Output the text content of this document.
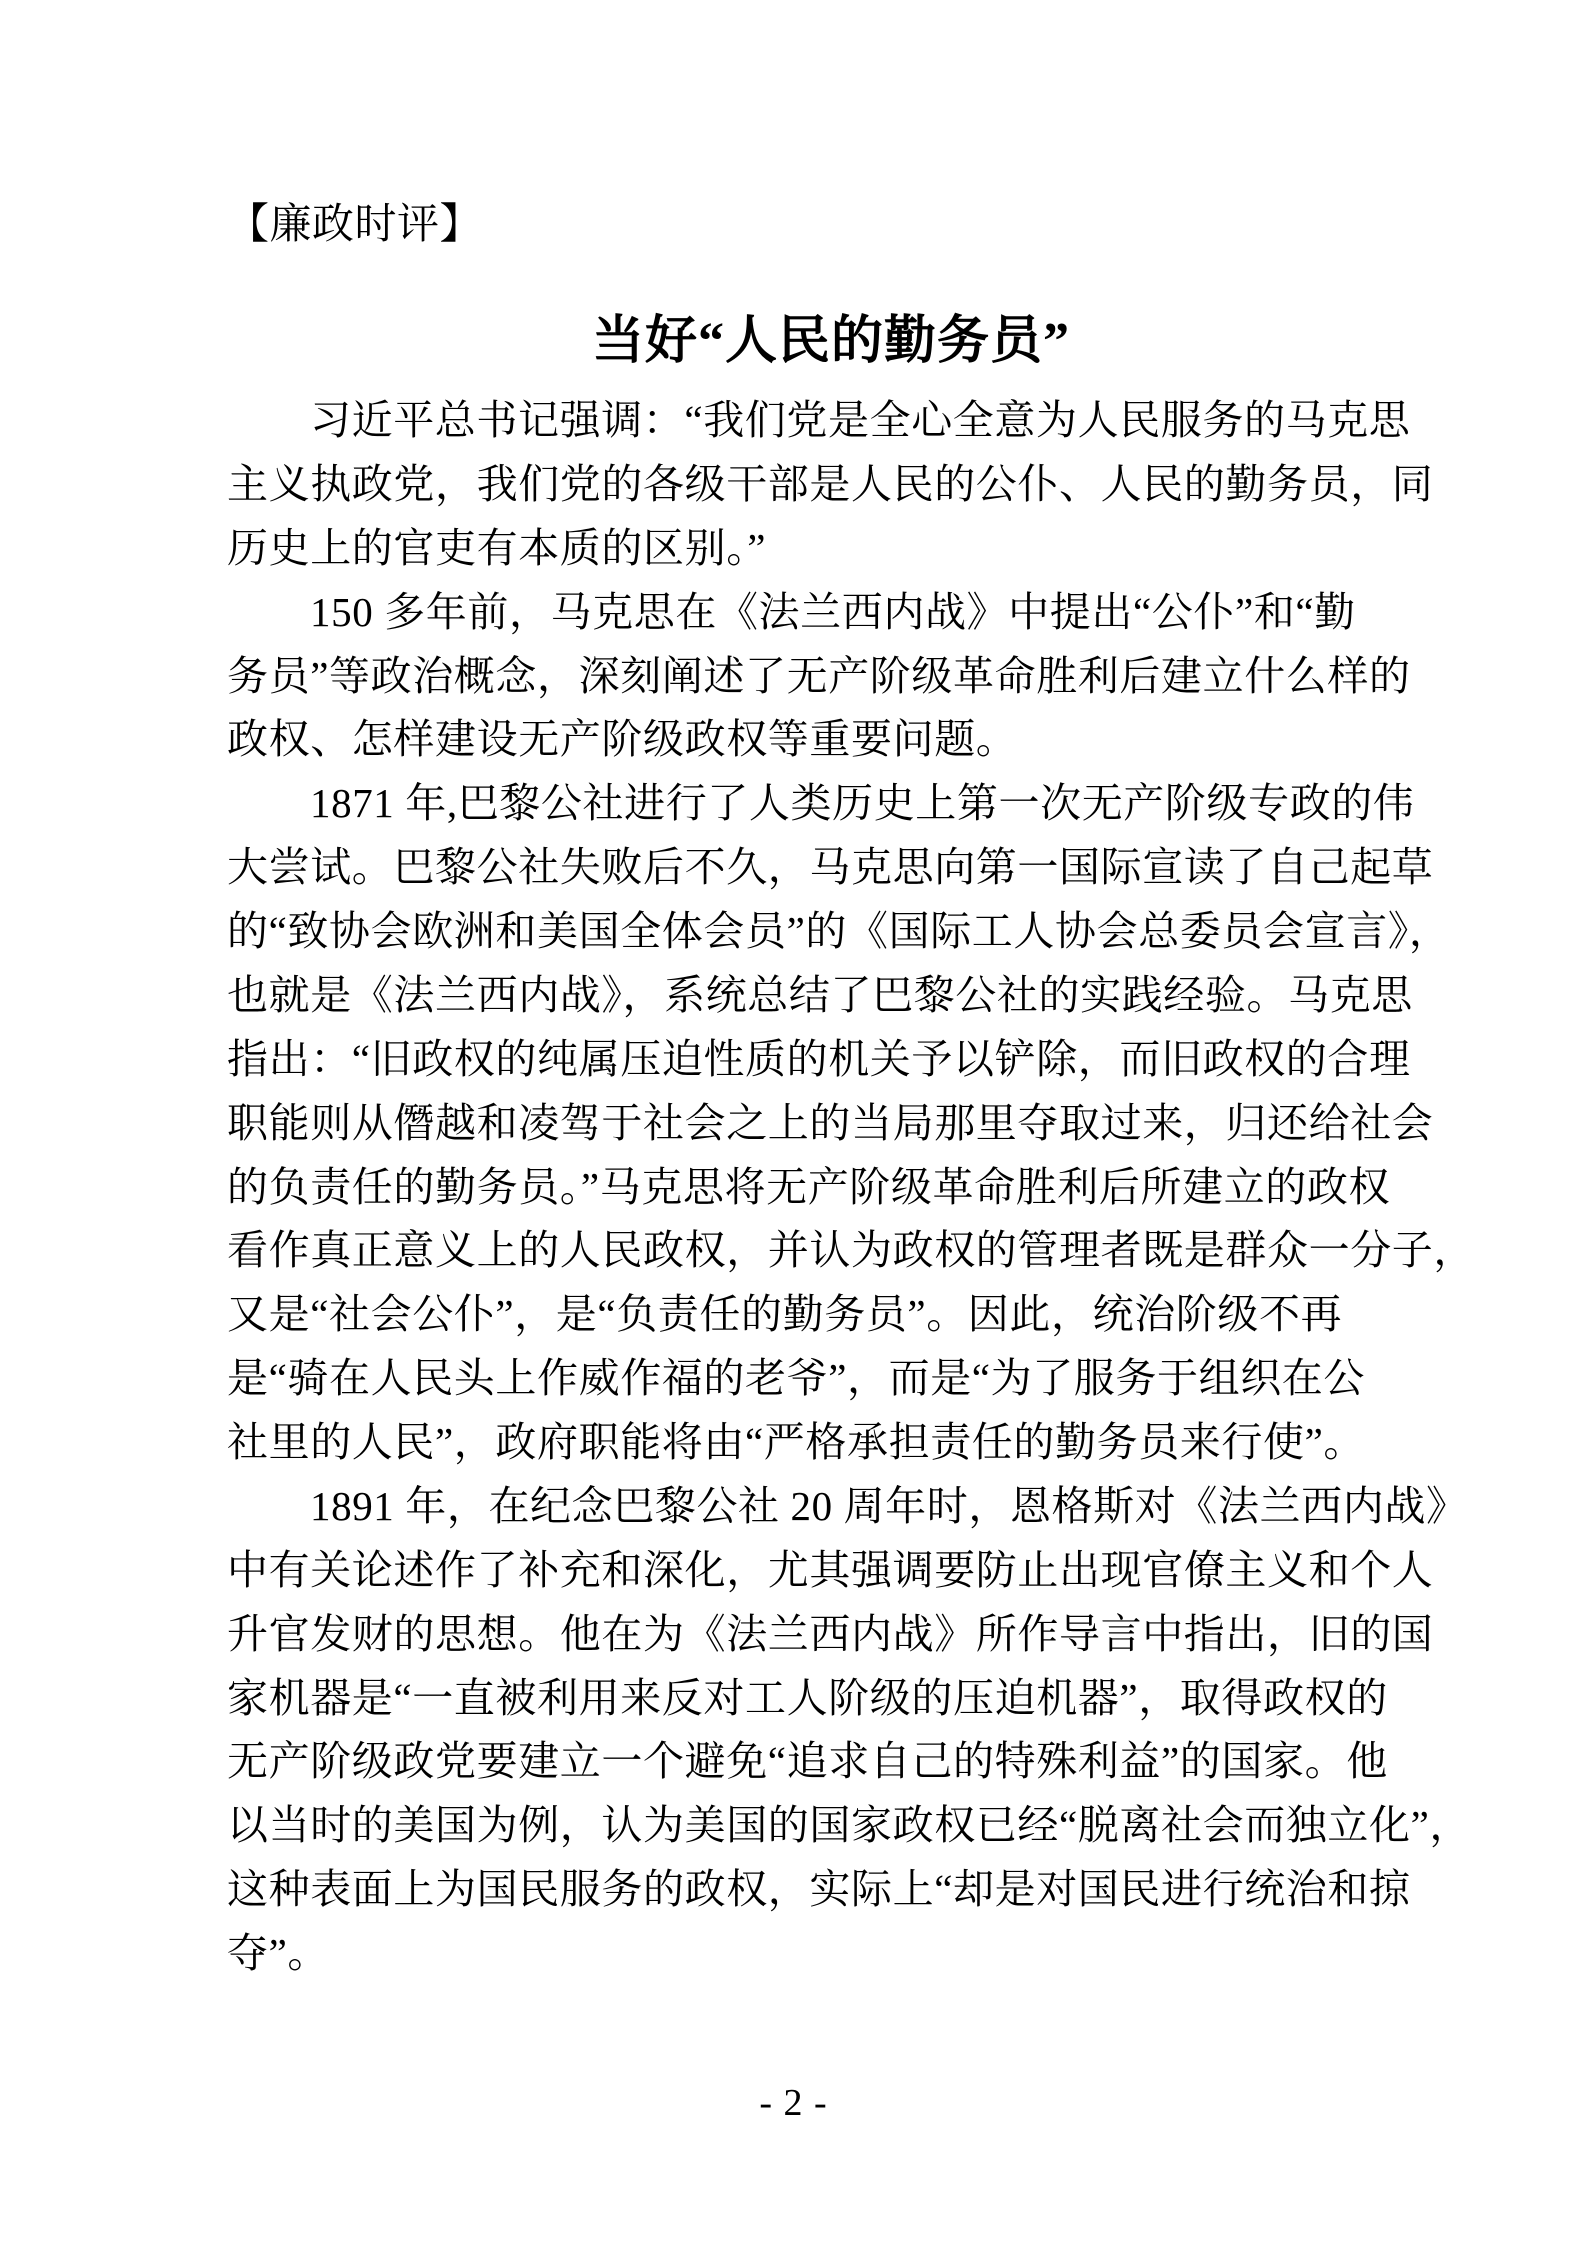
【廉政时评】
当好“人民的勤务员”
习近平总书记强调：“我们党是全心全意为人民服务的马克思
主义执政党，我们党的各级干部是人民的公仆、人民的勤务员，同
历史上的官吏有本质的区别。”
150 多年前，马克思在《法兰西内战》中提出“公仆”和“勤
务员”等政治概念，深刻阐述了无产阶级革命胜利后建立什么样的
政权、怎样建设无产阶级政权等重要问题。
1871 年,巴黎公社进行了人类历史上第一次无产阶级专政的伟
大尝试。巴黎公社失败后不久，马克思向第一国际宣读了自己起草
的“致协会欧洲和美国全体会员”的《国际工人协会总委员会宣言》，
也就是《法兰西内战》，系统总结了巴黎公社的实践经验。马克思
指出：“旧政权的纯属压迫性质的机关予以铲除，而旧政权的合理
职能则从僭越和凌驾于社会之上的当局那里夺取过来，归还给社会
的负责任的勤务员。”马克思将无产阶级革命胜利后所建立的政权
看作真正意义上的人民政权，并认为政权的管理者既是群众一分子，
又是“社会公仆”，是“负责任的勤务员”。因此，统治阶级不再
是“骑在人民头上作威作福的老爷”，而是“为了服务于组织在公
社里的人民”，政府职能将由“严格承担责任的勤务员来行使”。
1891 年，在纪念巴黎公社 20 周年时，恩格斯对《法兰西内战》
中有关论述作了补充和深化，尤其强调要防止出现官僚主义和个人
升官发财的思想。他在为《法兰西内战》所作导言中指出，旧的国
家机器是“一直被利用来反对工人阶级的压迫机器”，取得政权的
无产阶级政党要建立一个避免“追求自己的特殊利益”的国家。他
以当时的美国为例，认为美国的国家政权已经“脱离社会而独立化”，
这种表面上为国民服务的政权，实际上“却是对国民进行统治和掠
夺”。
- 2 -
